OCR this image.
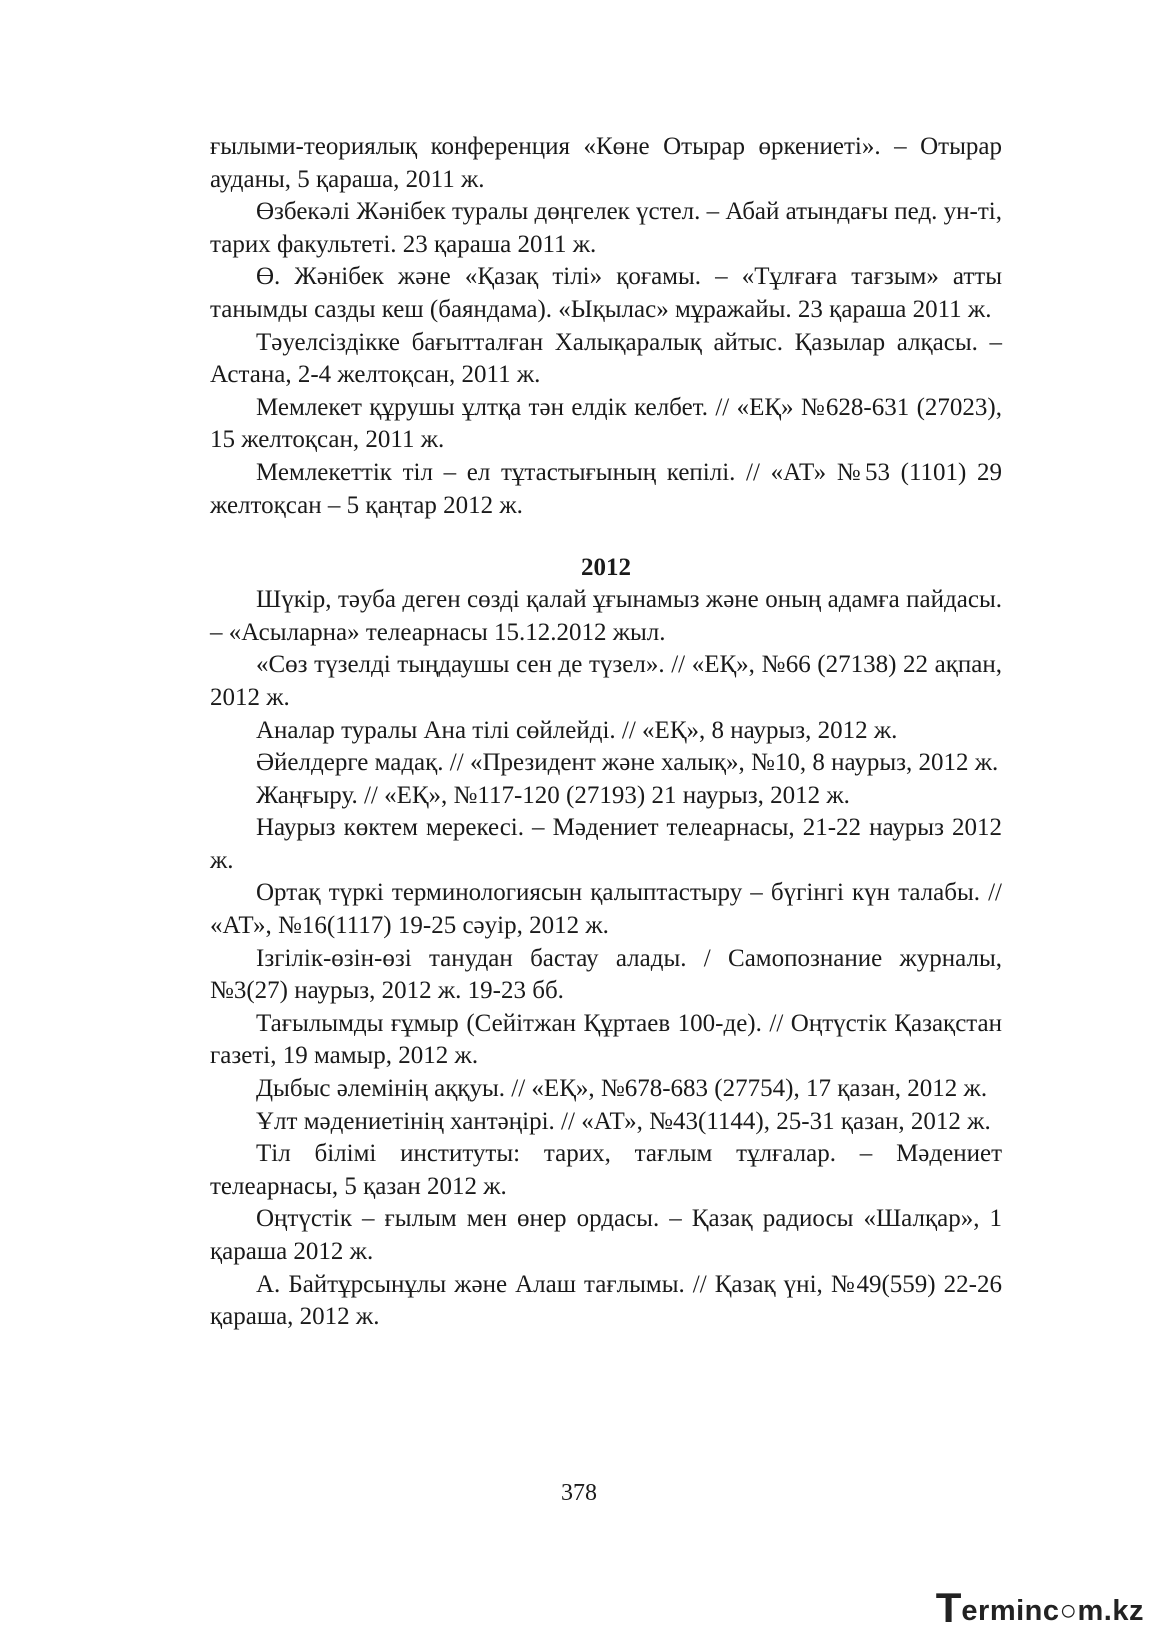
ғылыми-теориялық конференция «Көне Отырар өркениеті». – Отырар ауданы, 5 қараша, 2011 ж.

Өзбекәлі Жәнібек туралы дөңгелек үстел. – Абай атындағы пед. ун-ті, тарих факультеті. 23 қараша 2011 ж.

Ө. Жәнібек және «Қазақ тілі» қоғамы. – «Тұлғаға тағзым» атты танымды сазды кеш (баяндама). «Ықылас» мұражайы. 23 қараша 2011 ж.

Тәуелсіздікке бағытталған Халықаралық айтыс. Қазылар алқасы. – Астана, 2-4 желтоқсан, 2011 ж.

Мемлекет құрушы ұлтқа тән елдік келбет. // «ЕҚ» №628-631 (27023), 15 желтоқсан, 2011 ж.

Мемлекеттік тіл – ел тұтастығының кепілі. // «АТ» №53 (1101) 29 желтоқсан – 5 қаңтар 2012 ж.

2012

Шүкір, тәуба деген сөзді қалай ұғынамыз және оның адамға пайдасы. – «Асыларна» телеарнасы 15.12.2012 жыл.

«Сөз түзелді тыңдаушы сен де түзел». // «ЕҚ», №66 (27138) 22 ақпан, 2012 ж.

Аналар туралы Ана тілі сөйлейді. // «ЕҚ», 8 наурыз, 2012 ж.

Әйелдерге мадақ. // «Президент және халық», №10, 8 наурыз, 2012 ж.

Жаңғыру. // «ЕҚ», №117-120 (27193) 21 наурыз, 2012 ж.

Наурыз көктем мерекесі. – Мәдениет телеарнасы, 21-22 наурыз 2012 ж.

Ортақ түркі терминологиясын қалыптастыру – бүгінгі күн талабы. // «АТ», №16(1117) 19-25 сәуір, 2012 ж.

Ізгілік-өзін-өзі танудан бастау алады. / Самопознание журналы, №3(27) наурыз, 2012 ж. 19-23 бб.

Тағылымды ғұмыр (Сейітжан Құртаев 100-де). // Оңтүстік Қазақстан газеті, 19 мамыр, 2012 ж.

Дыбыс әлемінің аққуы. // «ЕҚ», №678-683 (27754), 17 қазан, 2012 ж.

Ұлт мәдениетінің хантәңірі. // «АТ», №43(1144), 25-31 қазан, 2012 ж.

Тіл білімі институты: тарих, тағлым тұлғалар. – Мәдениет телеарнасы, 5 қазан 2012 ж.

Оңтүстік – ғылым мен өнер ордасы. – Қазақ радиосы «Шалқар», 1 қараша 2012 ж.

А. Байтұрсынұлы және Алаш тағлымы. // Қазақ үні, №49(559) 22-26 қараша, 2012 ж.

378
T erminc○m.kz
